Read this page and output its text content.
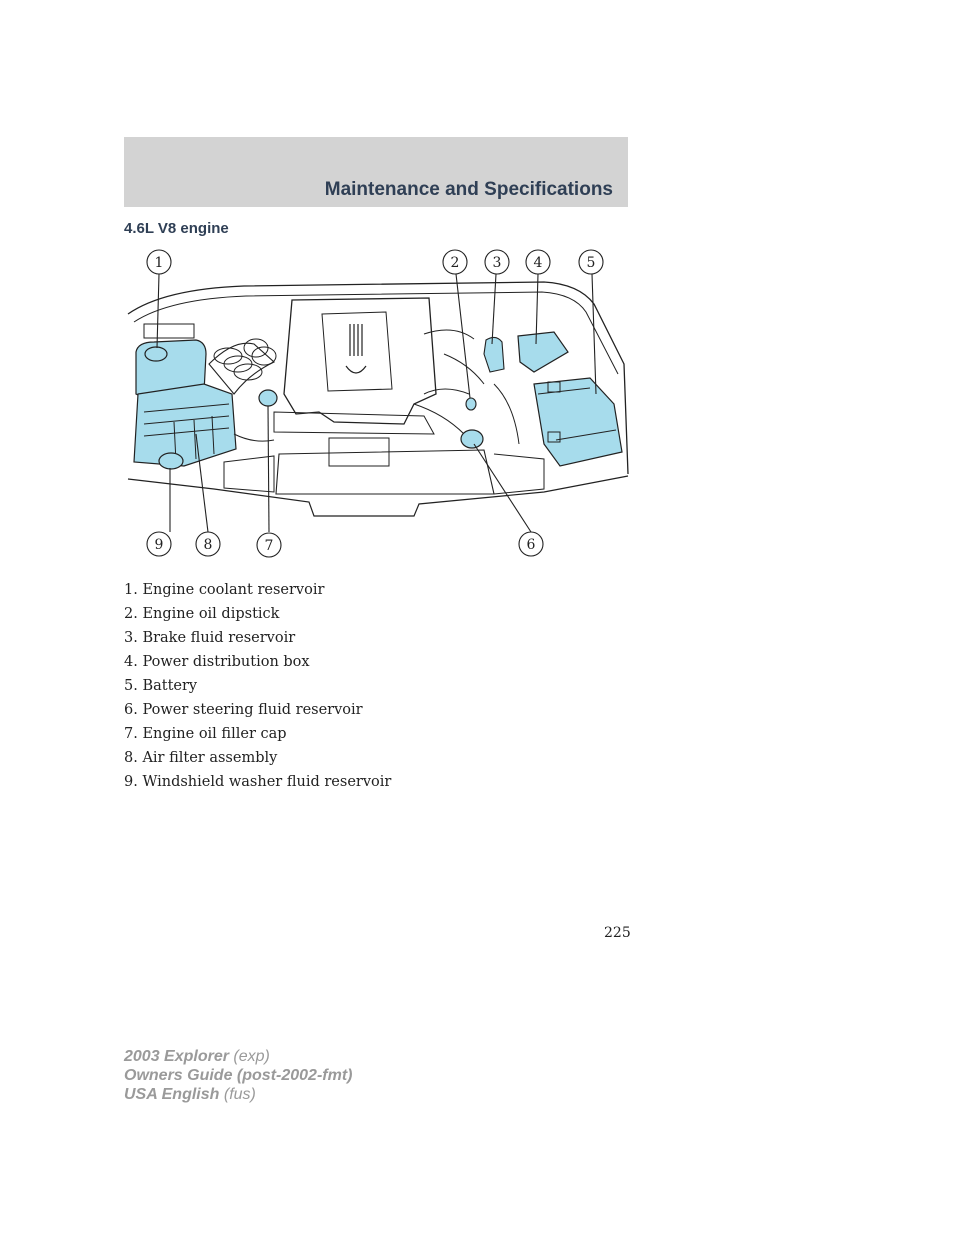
Maintenance and Specifications
4.6L V8 engine
1	2 3 4	5
6
7
8
9
1. Engine coolant reservoir
2. Engine oil dipstick
3. Brake fluid reservoir
4. Power distribution box
5. Battery
6. Power steering fluid reservoir
7. Engine oil filler cap
8. Air filter assembly
9. Windshield washer fluid reservoir
225
2003 Explorer (exp)
Owners Guide (post-2002-fmt)
USA English (fus)
